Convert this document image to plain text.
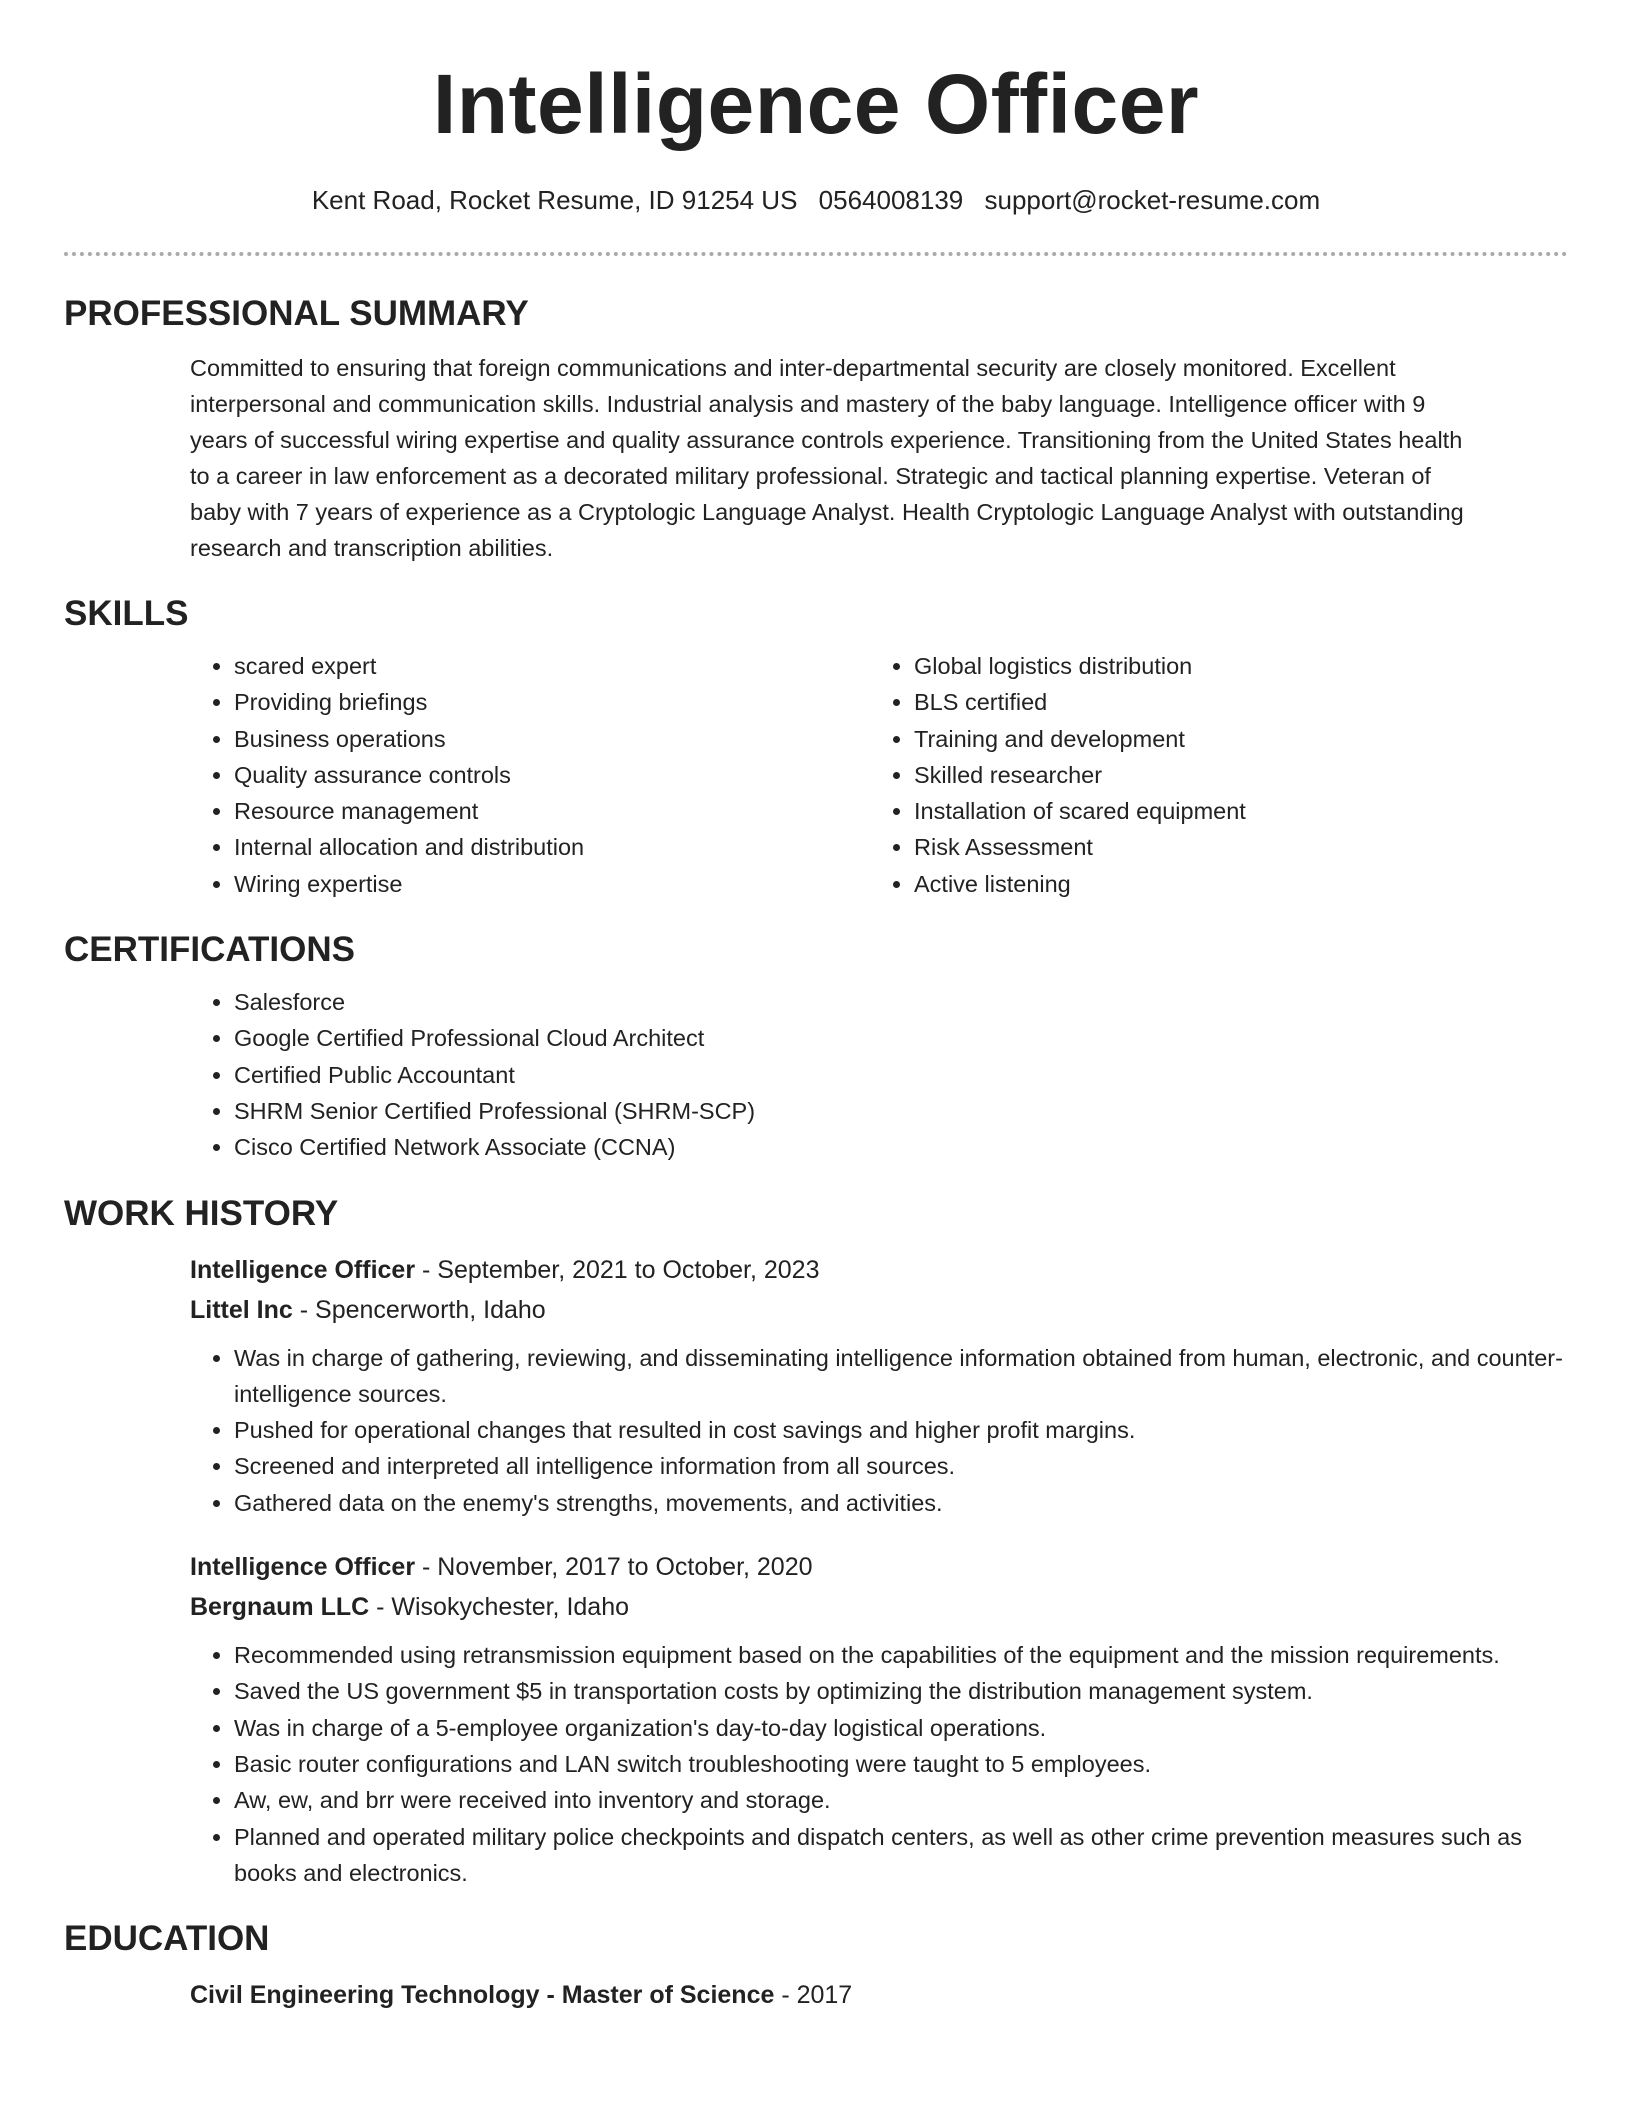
Intelligence Officer
Kent Road, Rocket Resume, ID 91254 US 0564008139 support@rocket-resume.com
PROFESSIONAL SUMMARY
Committed to ensuring that foreign communications and inter-departmental security are closely monitored. Excellent
interpersonal and communication skills. Industrial analysis and mastery of the baby language. Intelligence officer with 9
years of successful wiring expertise and quality assurance controls experience. Transitioning from the United States health
to a career in law enforcement as a decorated military professional. Strategic and tactical planning expertise. Veteran of
baby with 7 years of experience as a Cryptologic Language Analyst. Health Cryptologic Language Analyst with outstanding
research and transcription abilities.
SKILLS
• scared expert
• Providing briefings
• Business operations
• Quality assurance controls
• Resource management
• Internal allocation and distribution
• Wiring expertise
• Global logistics distribution
• BLS certified
• Training and development
• Skilled researcher
• Installation of scared equipment
• Risk Assessment
• Active listening
CERTIFICATIONS
• Salesforce
• Google Certified Professional Cloud Architect
• Certified Public Accountant
• SHRM Senior Certified Professional (SHRM-SCP)
• Cisco Certified Network Associate (CCNA)
WORK HISTORY
Intelligence Officer - September, 2021 to October, 2023
Littel Inc - Spencerworth, Idaho
• Was in charge of gathering, reviewing, and disseminating intelligence information obtained from human, electronic, and counter-intelligence sources.
• Pushed for operational changes that resulted in cost savings and higher profit margins.
• Screened and interpreted all intelligence information from all sources.
• Gathered data on the enemy's strengths, movements, and activities.
Intelligence Officer - November, 2017 to October, 2020
Bergnaum LLC - Wisokychester, Idaho
• Recommended using retransmission equipment based on the capabilities of the equipment and the mission requirements.
• Saved the US government $5 in transportation costs by optimizing the distribution management system.
• Was in charge of a 5-employee organization's day-to-day logistical operations.
• Basic router configurations and LAN switch troubleshooting were taught to 5 employees.
• Aw, ew, and brr were received into inventory and storage.
• Planned and operated military police checkpoints and dispatch centers, as well as other crime prevention measures such as books and electronics.
EDUCATION
Civil Engineering Technology - Master of Science - 2017
